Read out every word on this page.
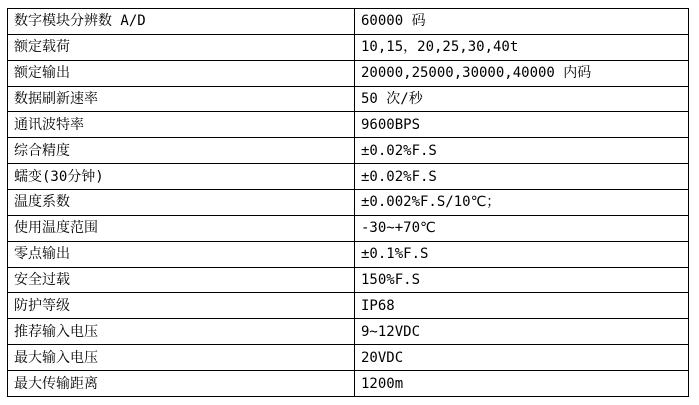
数字模块分辨数 A/D	60000 码
额定载荷	10,15，20,25,30,40t
额定输出	20000,25000,30000,40000 内码
数据刷新速率	50 次/秒
通讯波特率	9600BPS
综合精度	±0.02%F.S
蠕变(30分钟)	±0.02%F.S
温度系数	±0.002%F.S/10℃；
使用温度范围	-30~+70℃
零点输出	±0.1%F.S
安全过载	150%F.S
防护等级	IP68
推荐输入电压	9~12VDC
最大输入电压	20VDC
最大传输距离	1200m
